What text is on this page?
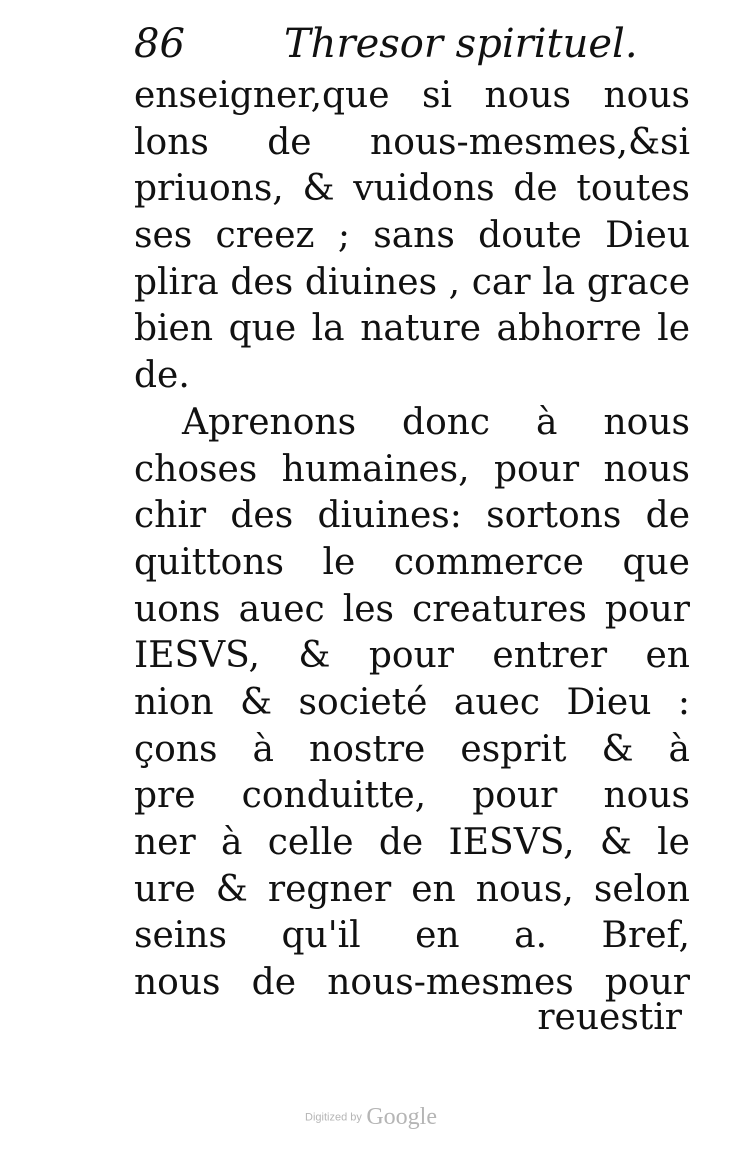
86 Thresor spirituel.
enseigner,que si nous nous
lons de nous-mesmes,&si
priuons, & vuidons de toutes
ses creez ; sans doute Dieu
plira des diuines , car la grace
bien que la nature abhorre le
de.
Aprenons donc à nous
choses humaines, pour nous
chir des diuines: sortons de
quittons le commerce que
uons auec les creatures pour
IESVS, & pour entrer en
nion & societé auec Dieu :
çons à nostre esprit & à
pre conduitte, pour nous
ner à celle de IESVS, & le
ure & regner en nous, selon
seins qu'il en a. Bref,
nous de nous-mesmes pour
reuestir
Digitized by Google
